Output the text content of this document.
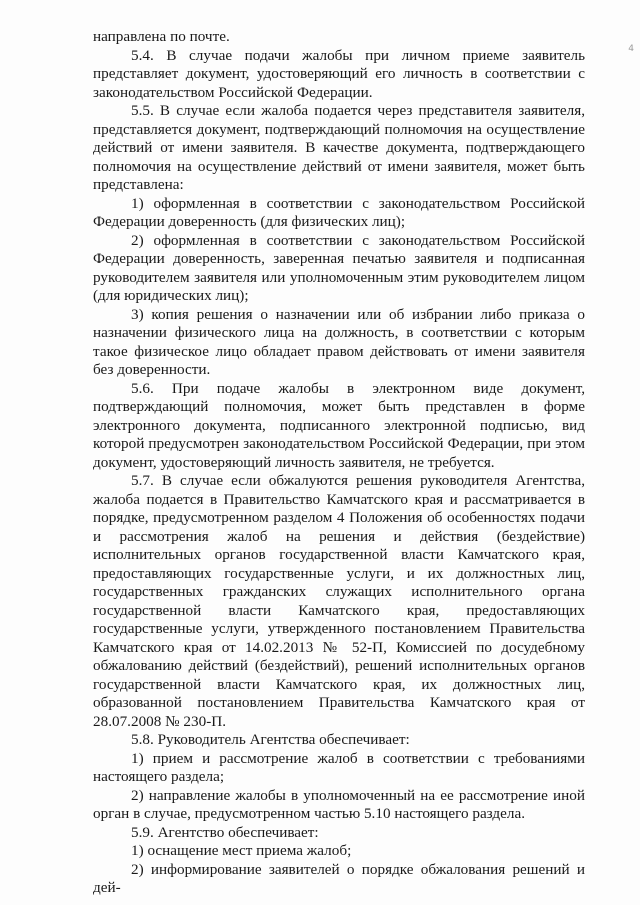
направлена по почте.

5.4. В случае подачи жалобы при личном приеме заявитель представляет документ, удостоверяющий его личность в соответствии с законодательством Российской Федерации.

5.5. В случае если жалоба подается через представителя заявителя, представляется документ, подтверждающий полномочия на осуществление действий от имени заявителя. В качестве документа, подтверждающего полномочия на осуществление действий от имени заявителя, может быть представлена:

1) оформленная в соответствии с законодательством Российской Федерации доверенность (для физических лиц);

2) оформленная в соответствии с законодательством Российской Федерации доверенность, заверенная печатью заявителя и подписанная руководителем заявителя или уполномоченным этим руководителем лицом (для юридических лиц);

3) копия решения о назначении или об избрании либо приказа о назначении физического лица на должность, в соответствии с которым такое физическое лицо обладает правом действовать от имени заявителя без доверенности.

5.6. При подаче жалобы в электронном виде документ, подтверждающий полномочия, может быть представлен в форме электронного документа, подписанного электронной подписью, вид которой предусмотрен законодательством Российской Федерации, при этом документ, удостоверяющий личность заявителя, не требуется.

5.7. В случае если обжалуются решения руководителя Агентства, жалоба подается в Правительство Камчатского края и рассматривается в порядке, предусмотренном разделом 4 Положения об особенностях подачи и рассмотрения жалоб на решения и действия (бездействие) исполнительных органов государственной власти Камчатского края, предоставляющих государственные услуги, и их должностных лиц, государственных гражданских служащих исполнительного органа государственной власти Камчатского края, предоставляющих государственные услуги, утвержденного постановлением Правительства Камчатского края от 14.02.2013 № 52-П, Комиссией по досудебному обжалованию действий (бездействий), решений исполнительных органов государственной власти Камчатского края, их должностных лиц, образованной постановлением Правительства Камчатского края от 28.07.2008 № 230-П.

5.8. Руководитель Агентства обеспечивает:

1) прием и рассмотрение жалоб в соответствии с требованиями настоящего раздела;

2) направление жалобы в уполномоченный на ее рассмотрение иной орган в случае, предусмотренном частью 5.10 настоящего раздела.

5.9. Агентство обеспечивает:

1) оснащение мест приема жалоб;

2) информирование заявителей о порядке обжалования решений и дей-

4
